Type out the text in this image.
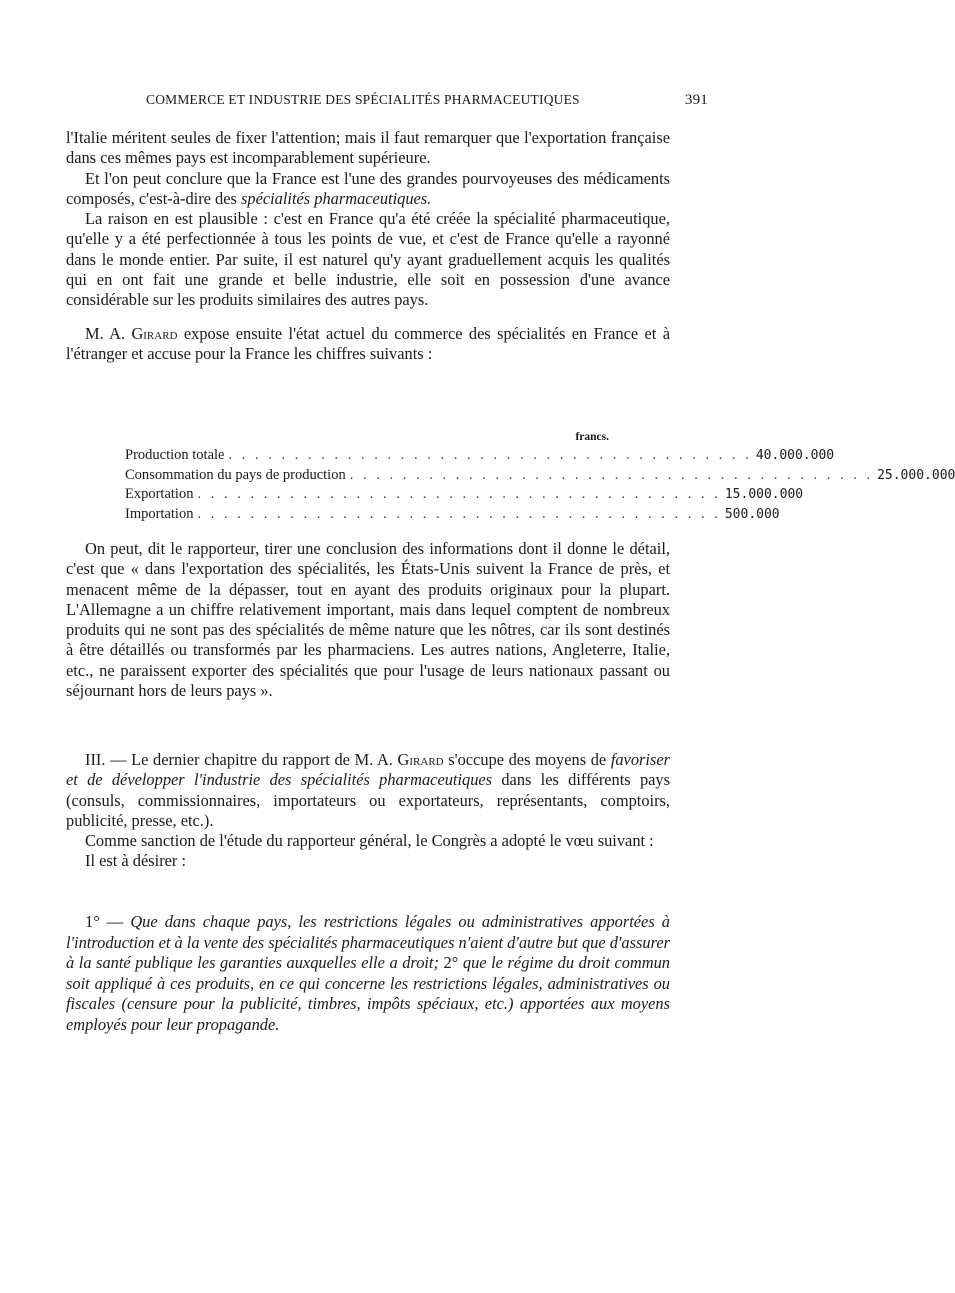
COMMERCE ET INDUSTRIE DES SPÉCIALITÉS PHARMACEUTIQUES	391

l'Italie méritent seules de fixer l'attention; mais il faut remarquer que l'exportation française dans ces mêmes pays est incomparablement supérieure.

Et l'on peut conclure que la France est l'une des grandes pourvoyeuses des médicaments composés, c'est-à-dire des spécialités pharmaceutiques.

La raison en est plausible : c'est en France qu'a été créée la spécialité pharmaceutique, qu'elle y a été perfectionnée à tous les points de vue, et c'est de France qu'elle a rayonné dans le monde entier. Par suite, il est naturel qu'y ayant graduellement acquis les qualités qui en ont fait une grande et belle industrie, elle soit en possession d'une avance considérable sur les produits similaires des autres pays.

M. A. Girard expose ensuite l'état actuel du commerce des spécialités en France et à l'étranger et accuse pour la France les chiffres suivants :

francs.
Production totale . . . . . . . . . . . . . . . . . . . . . . . . . . . . . . . . . . . . . . . . 40.000.000
Consommation du pays de production . . . . . . . . . . . . . . . . . . . . . . . . . . . . . . . . . . . . . . . . 25.000.000
Exportation . . . . . . . . . . . . . . . . . . . . . . . . . . . . . . . . . . . . . . . . 15.000.000
Importation . . . . . . . . . . . . . . . . . . . . . . . . . . . . . . . . . . . . . . . . 500.000

On peut, dit le rapporteur, tirer une conclusion des informations dont il donne le détail, c'est que « dans l'exportation des spécialités, les États-Unis suivent la France de près, et menacent même de la dépasser, tout en ayant des produits originaux pour la plupart. L'Allemagne a un chiffre relativement important, mais dans lequel comptent de nombreux produits qui ne sont pas des spécialités de même nature que les nôtres, car ils sont destinés à être détaillés ou transformés par les pharmaciens. Les autres nations, Angleterre, Italie, etc., ne paraissent exporter des spécialités que pour l'usage de leurs nationaux passant ou séjournant hors de leurs pays ».

III. — Le dernier chapitre du rapport de M. A. Girard s'occupe des moyens de favoriser et de développer l'industrie des spécialités pharmaceutiques dans les différents pays (consuls, commissionnaires, importateurs ou exportateurs, représentants, comptoirs, publicité, presse, etc.).

Comme sanction de l'étude du rapporteur général, le Congrès a adopté le vœu suivant :

Il est à désirer :

1° — Que dans chaque pays, les restrictions légales ou administratives apportées à l'introduction et à la vente des spécialités pharmaceutiques n'aient d'autre but que d'assurer à la santé publique les garanties auxquelles elle a droit; 2° que le régime du droit commun soit appliqué à ces produits, en ce qui concerne les restrictions légales, administratives ou fiscales (censure pour la publicité, timbres, impôts spéciaux, etc.) apportées aux moyens employés pour leur propagande.
